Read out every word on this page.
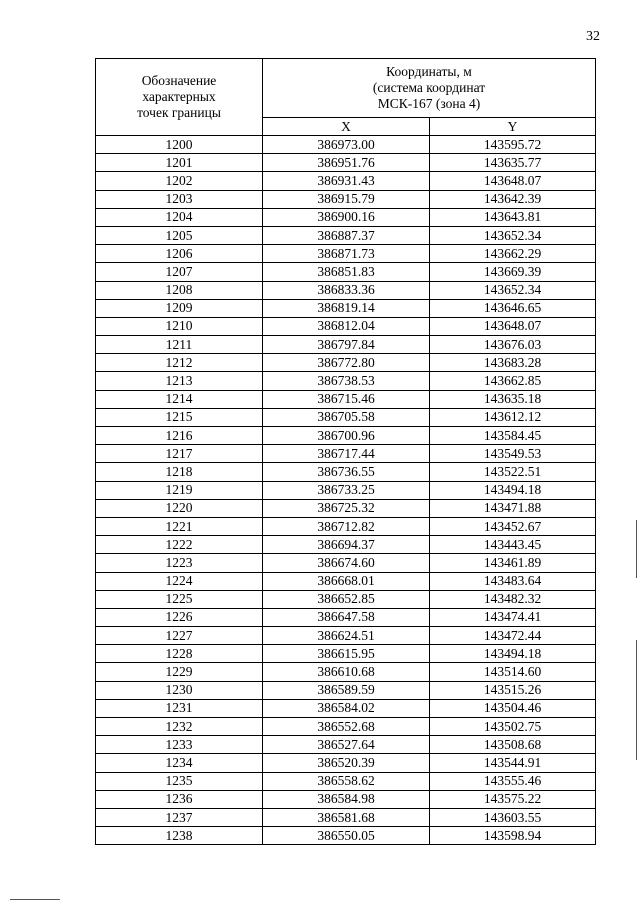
32
Обозначение
характерных
точек границы	Координаты, м
(система координат
МСК-167 (зона 4)	

	X	Y
1200	386973.00	143595.72
1201	386951.76	143635.77
1202	386931.43	143648.07
1203	386915.79	143642.39
1204	386900.16	143643.81
1205	386887.37	143652.34
1206	386871.73	143662.29
1207	386851.83	143669.39
1208	386833.36	143652.34
1209	386819.14	143646.65
1210	386812.04	143648.07
1211	386797.84	143676.03
1212	386772.80	143683.28
1213	386738.53	143662.85
1214	386715.46	143635.18
1215	386705.58	143612.12
1216	386700.96	143584.45
1217	386717.44	143549.53
1218	386736.55	143522.51
1219	386733.25	143494.18
1220	386725.32	143471.88
1221	386712.82	143452.67
1222	386694.37	143443.45
1223	386674.60	143461.89
1224	386668.01	143483.64
1225	386652.85	143482.32
1226	386647.58	143474.41
1227	386624.51	143472.44
1228	386615.95	143494.18
1229	386610.68	143514.60
1230	386589.59	143515.26
1231	386584.02	143504.46
1232	386552.68	143502.75
1233	386527.64	143508.68
1234	386520.39	143544.91
1235	386558.62	143555.46
1236	386584.98	143575.22
1237	386581.68	143603.55
1238	386550.05	143598.94
